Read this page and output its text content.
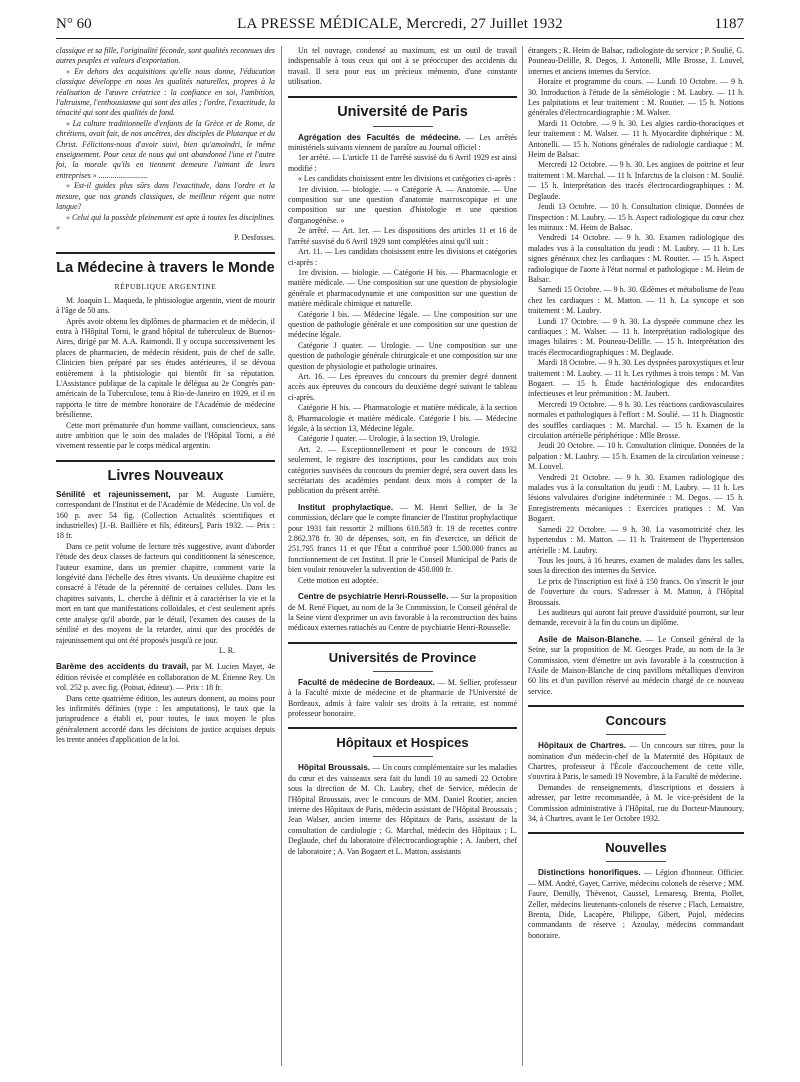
N° 60	LA PRESSE MÉDICALE, Mercredi, 27 Juillet 1932	1187

classique et sa fille, l'originalité féconde, sont qualités reconnues des autres peuples et valeurs d'exportation.

« En dehors des acquisitions qu'elle nous donne, l'éducation classique développe en nous les qualités naturelles, propres à la réalisation de l'œuvre créatrice : la confiance en soi, l'ambition, l'altruisme, l'enthousiasme qui sont des ailes ; l'ordre, l'exactitude, la ténacité qui sont des qualités de fond.

« La culture traditionnelle d'enfants de la Grèce et de Rome, de chrétiens, avait fait, de nos ancêtres, des disciples de Plutarque et du Christ. Félicitons-nous d'avoir suivi, bien qu'amoindri, le même enseignement. Pour ceux de nous qui ont abandonné l'une et l'autre foi, la morale qu'ils en tiennent demeure l'aimant de leurs entreprises » .........................

« Est-il guides plus sûrs dans l'exactitude, dans l'ordre et la mesure, que nos grands classiques, de meilleur régent que notre langue?

« Celui qui la possède pleinement est apte à toutes les disciplines. »

P. Desfosses.

La Médecine à travers le Monde
RÉPUBLIQUE ARGENTINE

M. Joaquin L. Maqueda, le phtisiologue argentin, vient de mourir à l'âge de 50 ans.

Après avoir obtenu les diplômes de pharmacien et de médecin, il entra à l'Hôpital Torni, le grand hôpital de tuberculeux de Buenos-Aires, dirigé par M. A.A. Raimondi. Il y occupa successivement les places de pharmacien, de médecin résident, puis de chef de salle. Clinicien bien préparé par ses études antérieures, il se dévoua entièrement à la phtisiologie qui bientôt fit sa réputation. L'Assistance publique de la capitale le délégua au 2e Congrès pan-américain de la Tuberculose, tenu à Rio-de-Janeiro en 1929, et il en rapporta le titre de membre honoraire de l'Académie de médecine brésilienne.

Cette mort prématurée d'un homme vaillant, consciencieux, sans autre ambition que le soin des malades de l'Hôpital Torni, a été vivement ressentie par le corps médical argentin.

Livres Nouveaux

Sénilité et rajeunissement, par M. Auguste Lumière, correspondant de l'Institut et de l'Académie de Médecine. Un vol. de 160 p. avec 54 fig. (Collection Actualités scientifiques et industrielles) [J.-B. Baillière et fils, éditeurs], Paris 1932. — Prix : 18 fr.

Dans ce petit volume de lecture très suggestive, avant d'aborder l'étude des deux classes de facteurs qui conditionnent la sénescence, l'auteur examine, dans un premier chapitre, comment varie la longévité dans l'échelle des êtres vivants. Un deuxième chapitre est consacré à l'étude de la pérennité de certaines cellules. Dans les chapitres suivants, L. cherche à définir et à caractériser la vie et la mort en tant que manifestations colloïdales, et c'est seulement après cette analyse qu'il aborde, par le détail, l'examen des causes de la sénilité et des moyens de la retarder, ainsi que des procédés de rajeunissement qui ont été proposés jusqu'à ce jour.

L. R.

Barème des accidents du travail, par M. Lucien Mayet, 4e édition révisée et complétée en collaboration de M. Étienne Rey. Un vol. 252 p. avec fig. (Poinat, éditeur). — Prix : 18 fr.

Dans cette quatrième édition, les auteurs donnent, au moins pour les infirmités définies (type : les amputations), le taux que la jurisprudence a établi et, pour toutes, le taux moyen le plus généralement accordé dans les décisions de justice acquises depuis les trente années d'application de la loi.

Un tel ouvrage, condensé au maximum, est un outil de travail indispensable à tous ceux qui ont à se préoccuper des accidents du travail. Il sera pour eux un précieux mémento, d'une constante utilisation.

Université de Paris

Agrégation des Facultés de médecine. — Les arrêtés ministériels suivants viennent de paraître au Journal officiel :

1er arrêté. — L'article 11 de l'arrêté susvisé du 6 Avril 1929 est ainsi modifié :

« Les candidats choisissent entre les divisions et catégories ci-après :

1re division. — biologie. — « Catégorie A. — Anatomie. — Une composition sur une question d'anatomie macroscopique et une composition sur une question d'histologie et une question d'organogénèse. »

2e arrêté. — Art. 1er. — Les dispositions des articles 11 et 16 de l'arrêté susvisé du 6 Avril 1929 sont complétées ainsi qu'il suit :

Art. 11. — Les candidats choisissent entre les divisions et catégories ci-après :

1re division. — biologie. — Catégorie H bis. — Pharmacologie et matière médicale. — Une composition sur une question de physiologie générale et pharmacodynamie et une composition sur une question de matière médicale chimique et naturelle.

Catégorie I bis. — Médecine légale. — Une composition sur une question de pathologie générale et une composition sur une question de médecine légale.

Catégorie J quater. — Urologie. — Une composition sur une question de pathologie générale chirurgicale et une composition sur une question de physiologie et pathologie urinaires.

Art. 16. — Les épreuves du concours du premier degré donnent accès aux épreuves du concours du deuxième degré suivant le tableau ci-après.

Catégorie H bis. — Pharmacologie et matière médicale, à la section 8, Pharmacologie et matière médicale. Catégorie I bis. — Médecine légale, à la section 13, Médecine légale.

Catégorie J quater. — Urologie, à la section 19, Urologie.

Art. 2. — Exceptionnellement et pour le concours de 1932 seulement, le registre des inscriptions, pour les candidats aux trois catégories susvisées du concours du premier degré, sera ouvert dans les secrétariats des académies pendant deux mois à compter de la publication du présent arrêté.

Institut prophylactique. — M. Henri Sellier, de la 3e commission, déclare que le compte financier de l'Institut prophylactique pour 1931 fait ressortir 2 millions 610.583 fr. 19 de recettes contre 2.862.378 fr. 30 de dépenses, soit, en fin d'exercice, un déficit de 251.795 francs 11 et que l'État a contribué pour 1.500.000 francs au fonctionnement de cet Institut. Il prie le Conseil Municipal de Paris de bien vouloir renouveler la subvention de 450.000 fr.

Cette motion est adoptée.

Centre de psychiatrie Henri-Rousselle. — Sur la proposition de M. René Fiquet, au nom de la 3e Commission, le Conseil général de la Seine vient d'exprimer un avis favorable à la reconstruction des bains médicaux externes rattachés au Centre de psychiatrie Henri-Rousselle.

Universités de Province

Faculté de médecine de Bordeaux. — M. Sellier, professeur à la Faculté mixte de médecine et de pharmacie de l'Université de Bordeaux, admis à faire valoir ses droits à la retraite, est nommé professeur honoraire.

Hôpitaux et Hospices

Hôpital Broussais. — Un cours complémentaire sur les maladies du cœur et des vaisseaux sera fait du lundi 10 au samedi 22 Octobre sous la direction de M. Ch. Laubry, chef de Service, médecin de l'Hôpital Broussais, avec le concours de MM. Daniel Routier, ancien interne des Hôpitaux de Paris, médecin assistant de l'Hôpital Broussais ; Jean Walser, ancien interne des Hôpitaux de Paris, assistant de la consultation de cardiologie ; G. Marchal, médecin des Hôpitaux ; L. Deglaude, chef du laboratoire d'électrocardiographie ; A. Jaubert, chef de laboratoire ; A. Van Bogaert et L. Matton, assistants

étrangers ; R. Heim de Balsac, radiologiste du service ; P. Soulié, G. Pouneau-Delille, R. Degos, J. Antonelli, Mlle Brosse, J. Louvel, internes et anciens internes du Service.

Horaire et programme du cours. — Lundi 10 Octobre. — 9 h. 30. Introduction à l'étude de la séméiologie : M. Laubry. — 11 h. Les palpitations et leur traitement : M. Routier. — 15 h. Notions générales d'électrocardiographie : M. Walser.

Mardi 11 Octobre. — 9 h. 30. Les algies cardio-thoraciques et leur traitement : M. Walser. — 11 h. Myocardite diphtérique : M. Antonelli. — 15 h. Notions générales de radiologie cardiaque : M. Heim de Balsac.

Mercredi 12 Octobre. — 9 h. 30. Les angines de poitrine et leur traitement : M. Marchal. — 11 h. Infarctus de la cloison : M. Soulié. — 15 h. Interprétation des tracés électrocardiographiques : M. Deglaude.

Jeudi 13 Octobre. — 10 h. Consultation clinique. Données de l'inspection : M. Laubry. — 15 h. Aspect radiologique du cœur chez les mitraux : M. Heim de Balsac.

Vendredi 14 Octobre. — 9 h. 30. Examen radiologique des malades vus à la consultation du jeudi : M. Laubry. — 11 h. Les signes généraux chez les cardiaques : M. Routier. — 15 h. Aspect radiologique de l'aorte à l'état normal et pathologique : M. Heim de Balsac.

Samedi 15 Octobre. — 9 h. 30. Œdèmes et métabolisme de l'eau chez les cardiaques : M. Matton. — 11 h. La syncope et son traitement : M. Laubry.

Lundi 17 Octobre. — 9 h. 30. La dyspnée commune chez les cardiaques : M. Walser. — 11 h. Interprétation radiologique des images hilaires : M. Pouneau-Delille. — 15 h. Interprétation des tracés électrocardiographiques : M. Deglaude.

Mardi 18 Octobre. — 9 h. 30. Les dyspnées paroxystiques et leur traitement : M. Laubry. — 11 h. Les rythmes à trois temps : M. Van Bogaert. — 15 h. Étude bactériologique des endocardites infectieuses et leur prémunition : M. Jaubert.

Mercredi 19 Octobre. — 9 h. 30. Les réactions cardiovasculaires normales et pathologiques à l'effort : M. Soulié. — 11 h. Diagnostic des souffles cardiaques : M. Marchal. — 15 h. Examen de la circulation artérielle périphérique : Mlle Brosse.

Jeudi 20 Octobre. — 10 h. Consultation clinique. Données de la palpation : M. Laubry. — 15 h. Examen de la circulation veineuse : M. Louvel.

Vendredi 21 Octobre. — 9 h. 30. Examen radiologique des malades vus à la consultation du jeudi : M. Laubry. — 11 h. Les lésions valvulaires d'origine indéterminée : M. Degos. — 15 h. Enregistrements mécaniques : Exercices pratiques : M. Van Bogaert.

Samedi 22 Octobre. — 9 h. 30. La vasomotricité chez les hypertendus : M. Matton. — 11 h. Traitement de l'hypertension artérielle : M. Laubry.

Tous les jours, à 16 heures, examen de malades dans les salles, sous la direction des internes du Service.

Le prix de l'inscription est fixé à 150 francs. On s'inscrit le jour de l'ouverture du cours. S'adresser à M. Matton, à l'Hôpital Broussais.

Les auditeurs qui auront fait preuve d'assiduité pourront, sur leur demande, recevoir à la fin du cours un diplôme.

Asile de Maison-Blanche. — Le Conseil général de la Seine, sur la proposition de M. Georges Prade, au nom de la 3e Commission, vient d'émettre un avis favorable à la construction à l'Asile de Maison-Blanche de cinq pavillons métalliques d'environ 60 lits et d'un pavillon réservé au médecin chargé de ce nouveau service.

Concours

Hôpitaux de Chartres. — Un concours sur titres, pour la nomination d'un médecin-chef de la Maternité des Hôpitaux de Chartres, professeur à l'École d'accouchement de cette ville, s'ouvrira à Paris, le samedi 19 Novembre, à la Faculté de médecine.

Demandes de renseignements, d'inscriptions et dossiers à adresser, par lettre recommandée, à M. le vice-président de la Commission administrative à l'Hôpital, rue du Docteur-Maunoury, 34, à Chartres, avant le 1er Octobre 1932.

Nouvelles

Distinctions honorifiques. — Légion d'honneur. Officier. — MM. André, Gayet, Carrive, médecins colonels de réserve ; MM. Faure, Demilly, Thévenot, Caussel, Lemaresq, Brenta, Piollet, Zeller, médecins lieutenants-colonels de réserve ; Flach, Lemaistre, Brenta, Dide, Lacapère, Philippe, Gibert, Pujol, médecins commandants de réserve ; Azoulay, médecins commandant honoraire.
